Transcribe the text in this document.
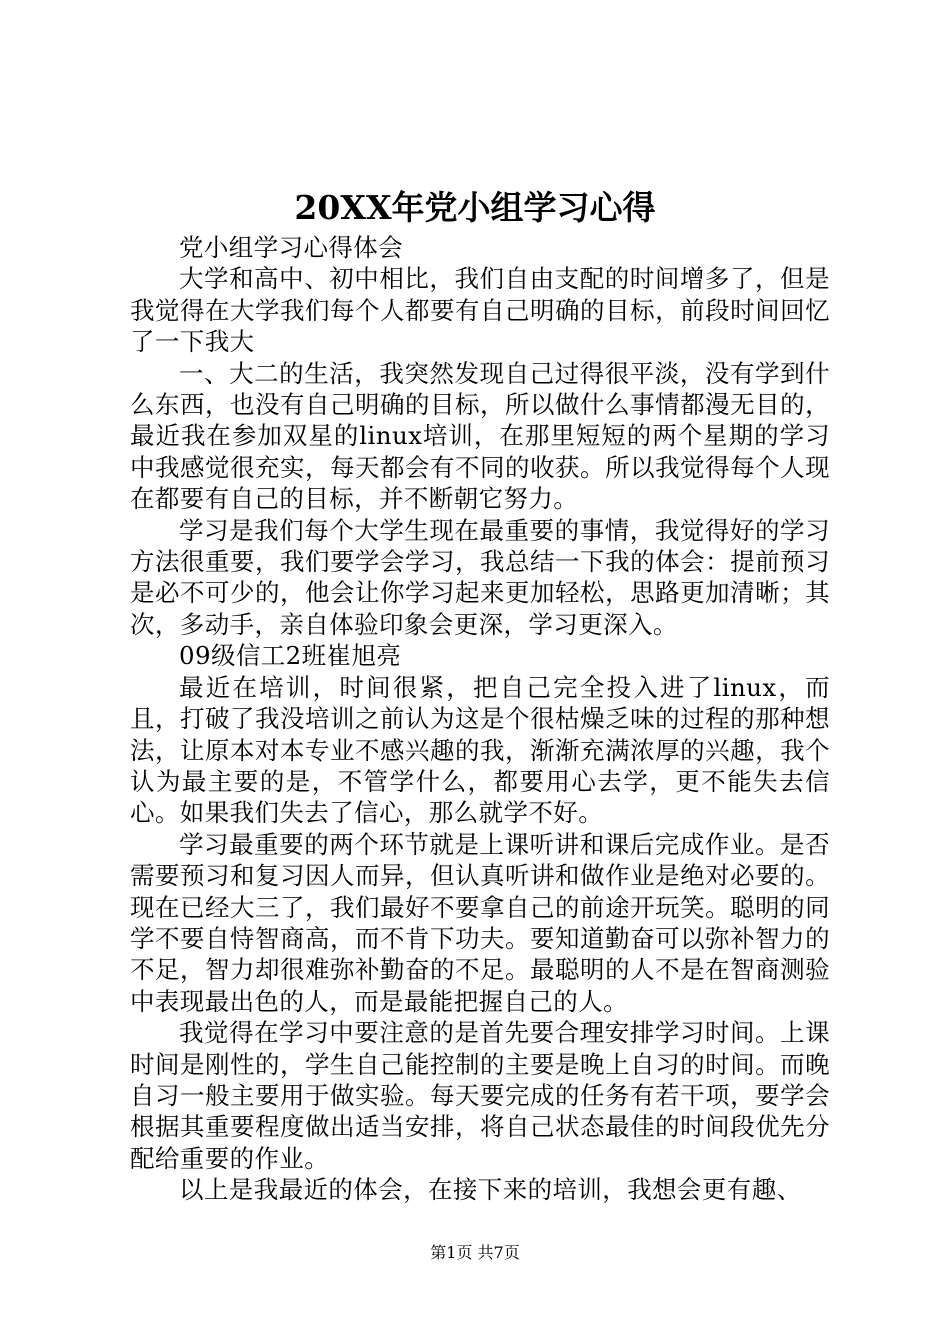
20XX年党小组学习心得

党小组学习心得体会

大学和高中、初中相比，我们自由支配的时间增多了，但是我觉得在大学我们每个人都要有自己明确的目标，前段时间回忆了一下我大

一、大二的生活，我突然发现自己过得很平淡，没有学到什么东西，也没有自己明确的目标，所以做什么事情都漫无目的，最近我在参加双星的linux培训，在那里短短的两个星期的学习中我感觉很充实，每天都会有不同的收获。所以我觉得每个人现在都要有自己的目标，并不断朝它努力。

学习是我们每个大学生现在最重要的事情，我觉得好的学习方法很重要，我们要学会学习，我总结一下我的体会：提前预习是必不可少的，他会让你学习起来更加轻松，思路更加清晰；其次，多动手，亲自体验印象会更深，学习更深入。

09级信工2班崔旭亮

最近在培训，时间很紧，把自己完全投入进了linux，而且，打破了我没培训之前认为这是个很枯燥乏味的过程的那种想法，让原本对本专业不感兴趣的我，渐渐充满浓厚的兴趣，我个认为最主要的是，不管学什么，都要用心去学，更不能失去信心。如果我们失去了信心，那么就学不好。

学习最重要的两个环节就是上课听讲和课后完成作业。是否需要预习和复习因人而异，但认真听讲和做作业是绝对必要的。现在已经大三了，我们最好不要拿自己的前途开玩笑。聪明的同学不要自恃智商高，而不肯下功夫。要知道勤奋可以弥补智力的不足，智力却很难弥补勤奋的不足。最聪明的人不是在智商测验中表现最出色的人，而是最能把握自己的人。

我觉得在学习中要注意的是首先要合理安排学习时间。上课时间是刚性的，学生自己能控制的主要是晚上自习的时间。而晚自习一般主要用于做实验。每天要完成的任务有若干项，要学会根据其重要程度做出适当安排，将自己状态最佳的时间段优先分配给重要的作业。

以上是我最近的体会，在接下来的培训，我想会更有趣、

第1页 共7页
